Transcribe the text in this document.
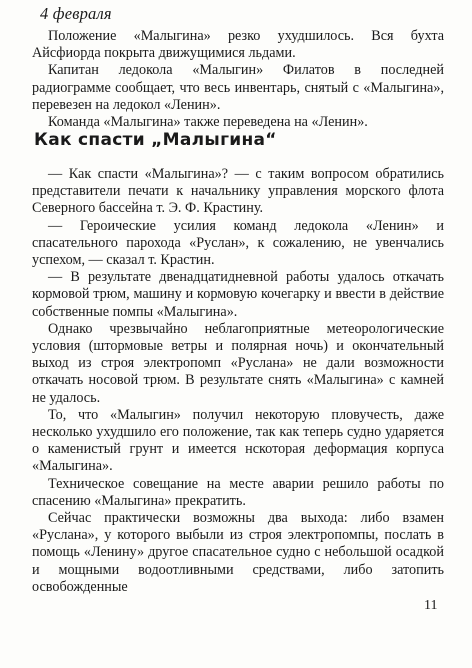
4 февраля

Положение «Малыгина» резко ухудшилось. Вся бухта Айсфиорда покрыта движущимися льдами.

Капитан ледокола «Малыгин» Филатов в последней радиограмме сообщает, что весь инвентарь, снятый с «Малыгина», перевезен на ледокол «Ленин».

Команда «Малыгина» также переведена на «Ленин».

Как спасти „Малыгина“

— Как спасти «Малыгина»? — с таким вопросом обратились представители печати к начальнику управления морского флота Северного бассейна т. Э. Ф. Крастину.

— Героические усилия команд ледокола «Ленин» и спасательного парохода «Руслан», к сожалению, не увенчались успехом, — сказал т. Крастин.

— В результате двенадцатидневной работы удалось откачать кормовой трюм, машину и кормовую кочегарку и ввести в действие собственные помпы «Малыгина».

Однако чрезвычайно неблагоприятные метеорологические условия (штормовые ветры и полярная ночь) и окончательный выход из строя электропомп «Руслана» не дали возможности откачать носовой трюм. В результате снять «Малыгина» с камней не удалось.

То, что «Малыгин» получил некоторую пловучесть, даже несколько ухудшило его положение, так как теперь судно ударяется о каменистый грунт и имеется нскоторая деформация корпуса «Малыгина».

Техническое совещание на месте аварии решило работы по спасению «Малыгина» прекратить.

Сейчас практически возможны два выхода: либо взамен «Руслана», у которого выбыли из строя электропомпы, послать в помощь «Ленину» другое спасательное судно с небольшой осадкой и мощными водоотливными средствами, либо затопить освобожденные

11
